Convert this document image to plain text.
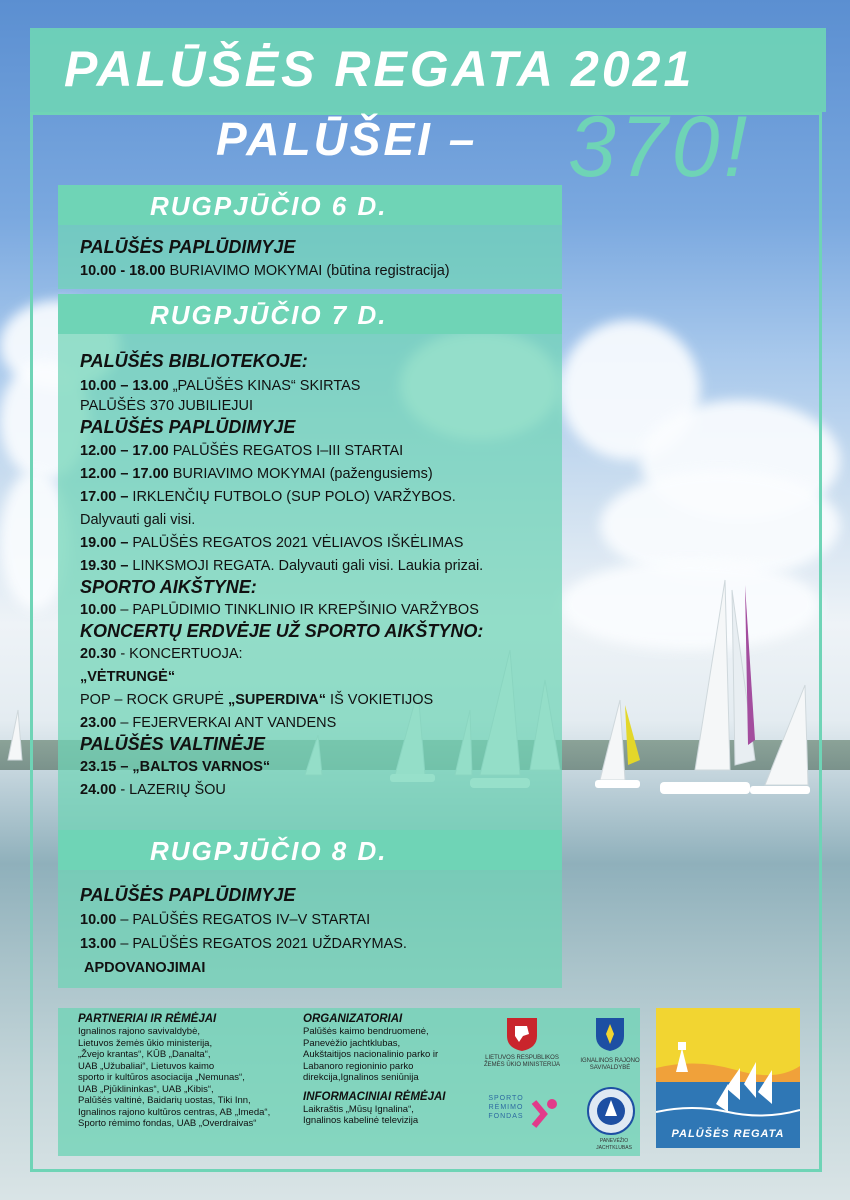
PALŪŠĖS REGATA 2021
PALŪŠEI – 370!
RUGPJŪČIO 6 D.
PALŪŠĖS PAPLŪDIMYJE
10.00 - 18.00 BURIAVIMO MOKYMAI (būtina registracija)
RUGPJŪČIO 7 D.
PALŪŠĖS BIBLIOTEKOJE:
10.00 – 13.00 „PALŪŠĖS KINAS“ SKIRTAS
PALŪŠĖS 370 JUBILIEJUI
PALŪŠĖS PAPLŪDIMYJE
12.00 – 17.00 PALŪŠĖS REGATOS I–III STARTAI
12.00 – 17.00 BURIAVIMO MOKYMAI (pažengusiems)
17.00 – IRKLENČIŲ FUTBOLO (SUP POLO) VARŽYBOS.
Dalyvauti gali visi.
19.00 – PALŪŠĖS REGATOS 2021 VĖLIAVOS IŠKĖLIMAS
19.30 – LINKSMOJI REGATA. Dalyvauti gali visi. Laukia prizai.
SPORTO AIKŠTYNE:
10.00 – PAPLŪDIMIO TINKLINIO IR KREPŠINIO VARŽYBOS
KONCERTŲ ERDVĖJE UŽ SPORTO AIKŠTYNO:
20.30 - KONCERTUOJA:
„VĖTRUNGĖ“
POP – ROCK GRUPĖ „SUPERDIVA“ IŠ VOKIETIJOS
23.00 – FEJERVERKAI ANT VANDENS
PALŪŠĖS VALTINĖJE
23.15 – „BALTOS VARNOS“
24.00 - LAZERIŲ ŠOU
RUGPJŪČIO 8 D.
PALŪŠĖS PAPLŪDIMYJE
10.00 – PALŪŠĖS REGATOS IV–V STARTAI
13.00 – PALŪŠĖS REGATOS 2021 UŽDARYMAS.
APDOVANOJIMAI
PARTNERIAI IR RĖMĖJAI
Ignalinos rajono savivaldybė,
Lietuvos žemės ūkio ministerija,
„Žvejo krantas“, KŪB „Danalta“,
UAB „Užubaliai“, Lietuvos kaimo
sporto ir kultūros asociacija „Nemunas“,
UAB „Pjūklininkas“, UAB „Kibis“,
Palūšės valtinė, Baidarių uostas, Tiki Inn,
Ignalinos rajono kultūros centras, AB „Imeda“,
Sporto rėmimo fondas, UAB „Overdraivas“
ORGANIZATORIAI
Palūšės kaimo bendruomenė,
Panevėžio jachtklubas,
Aukštaitijos nacionalinio parko ir
Labanoro regioninio parko
direkcija,Ignalinos seniūnija
INFORMACINIAI RĖMĖJAI
Laikraštis „Mūsų Ignalina“,
Ignalinos kabelinė televizija
LIETUVOS RESPUBLIKOS ŽEMĖS ŪKIO MINISTERIJA
IGNALINOS RAJONO SAVIVALDYBĖ
SPORTO RĖMIMO FONDAS
PANEVĖŽIO JACHTKLUBAS
PALŪŠĖS REGATA
